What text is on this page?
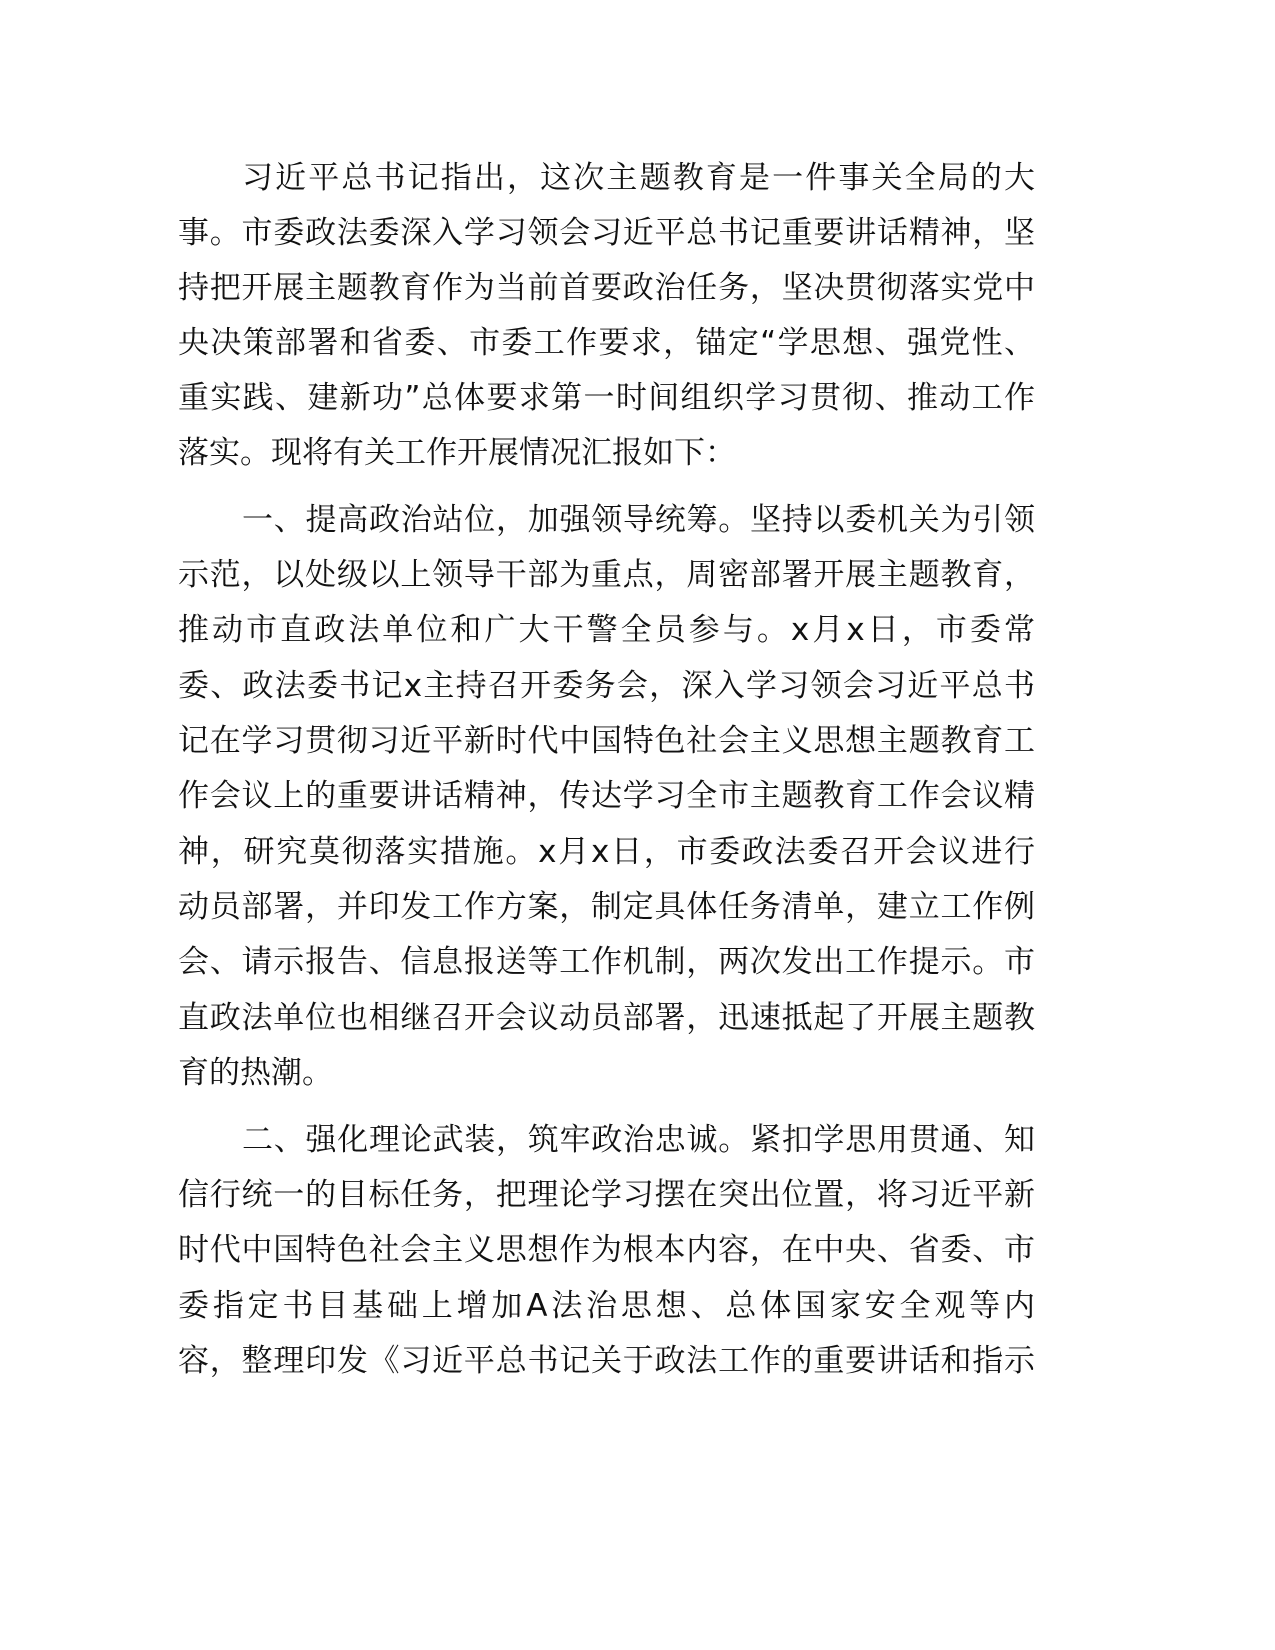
习近平总书记指出，这次主题教育是一件事关全局的大
事。市委政法委深入学习领会习近平总书记重要讲话精神，坚
持把开展主题教育作为当前首要政治任务，坚决贯彻落实党中
央决策部署和省委、市委工作要求，锚定“学思想、强党性、
重实践、建新功”总体要求第一时间组织学习贯彻、推动工作
落实。现将有关工作开展情况汇报如下：
一、提高政治站位，加强领导统筹。坚持以委机关为引领
示范，以处级以上领导干部为重点，周密部署开展主题教育，
推动市直政法单位和广大干警全员参与。x月x日，市委常
委、政法委书记x主持召开委务会，深入学习领会习近平总书
记在学习贯彻习近平新时代中国特色社会主义思想主题教育工
作会议上的重要讲话精神，传达学习全市主题教育工作会议精
神，研究莫彻落实措施。x月x日，市委政法委召开会议进行
动员部署，并印发工作方案，制定具体任务清单，建立工作例
会、请示报告、信息报送等工作机制，两次发出工作提示。市
直政法单位也相继召开会议动员部署，迅速抵起了开展主题教
育的热潮。
二、强化理论武装，筑牢政治忠诚。紧扣学思用贯通、知
信行统一的目标任务，把理论学习摆在突出位置，将习近平新
时代中国特色社会主义思想作为根本内容，在中央、省委、市
委指定书目基础上增加A法治思想、总体国家安全观等内
容，整理印发《习近平总书记关于政法工作的重要讲话和指示
